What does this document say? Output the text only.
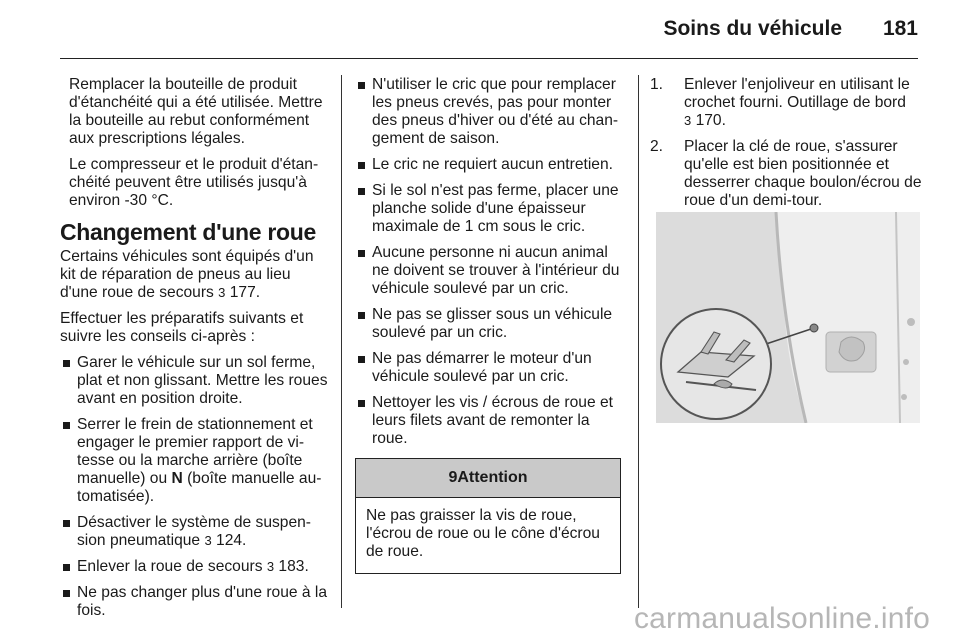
Soins du véhicule 181

Remplacer la bouteille de produit d'étanchéité qui a été utilisée. Mettre la bouteille au rebut conformément aux prescriptions légales.

Le compresseur et le produit d'étan-chéité peuvent être utilisés jusqu'à environ -30 °C.

Changement d'une roue

Certains véhicules sont équipés d'un kit de réparation de pneus au lieu d'une roue de secours 3 177.

Effectuer les préparatifs suivants et suivre les conseils ci-après :

Garer le véhicule sur un sol ferme, plat et non glissant. Mettre les roues avant en position droite.
Serrer le frein de stationnement et engager le premier rapport de vi-tesse ou la marche arrière (boîte manuelle) ou N (boîte manuelle au-tomatisée).
Désactiver le système de suspen-sion pneumatique 3 124.
Enlever la roue de secours 3 183.
Ne pas changer plus d'une roue à la fois.
N'utiliser le cric que pour remplacer les pneus crevés, pas pour monter des pneus d'hiver ou d'été au chan-gement de saison.
Le cric ne requiert aucun entretien.
Si le sol n'est pas ferme, placer une planche solide d'une épaisseur maximale de 1 cm sous le cric.
Aucune personne ni aucun animal ne doivent se trouver à l'intérieur du véhicule soulevé par un cric.
Ne pas se glisser sous un véhicule soulevé par un cric.
Ne pas démarrer le moteur d'un véhicule soulevé par un cric.
Nettoyer les vis / écrous de roue et leurs filets avant de remonter la roue.
9 Attention
Ne pas graisser la vis de roue, l'écrou de roue ou le cône d'écrou de roue.
1. Enlever l'enjoliveur en utilisant le crochet fourni. Outillage de bord
3 170.
2. Placer la clé de roue, s'assurer qu'elle est bien positionnée et desserrer chaque boulon/écrou de roue d'un demi-tour.
carmanualsonline.info
